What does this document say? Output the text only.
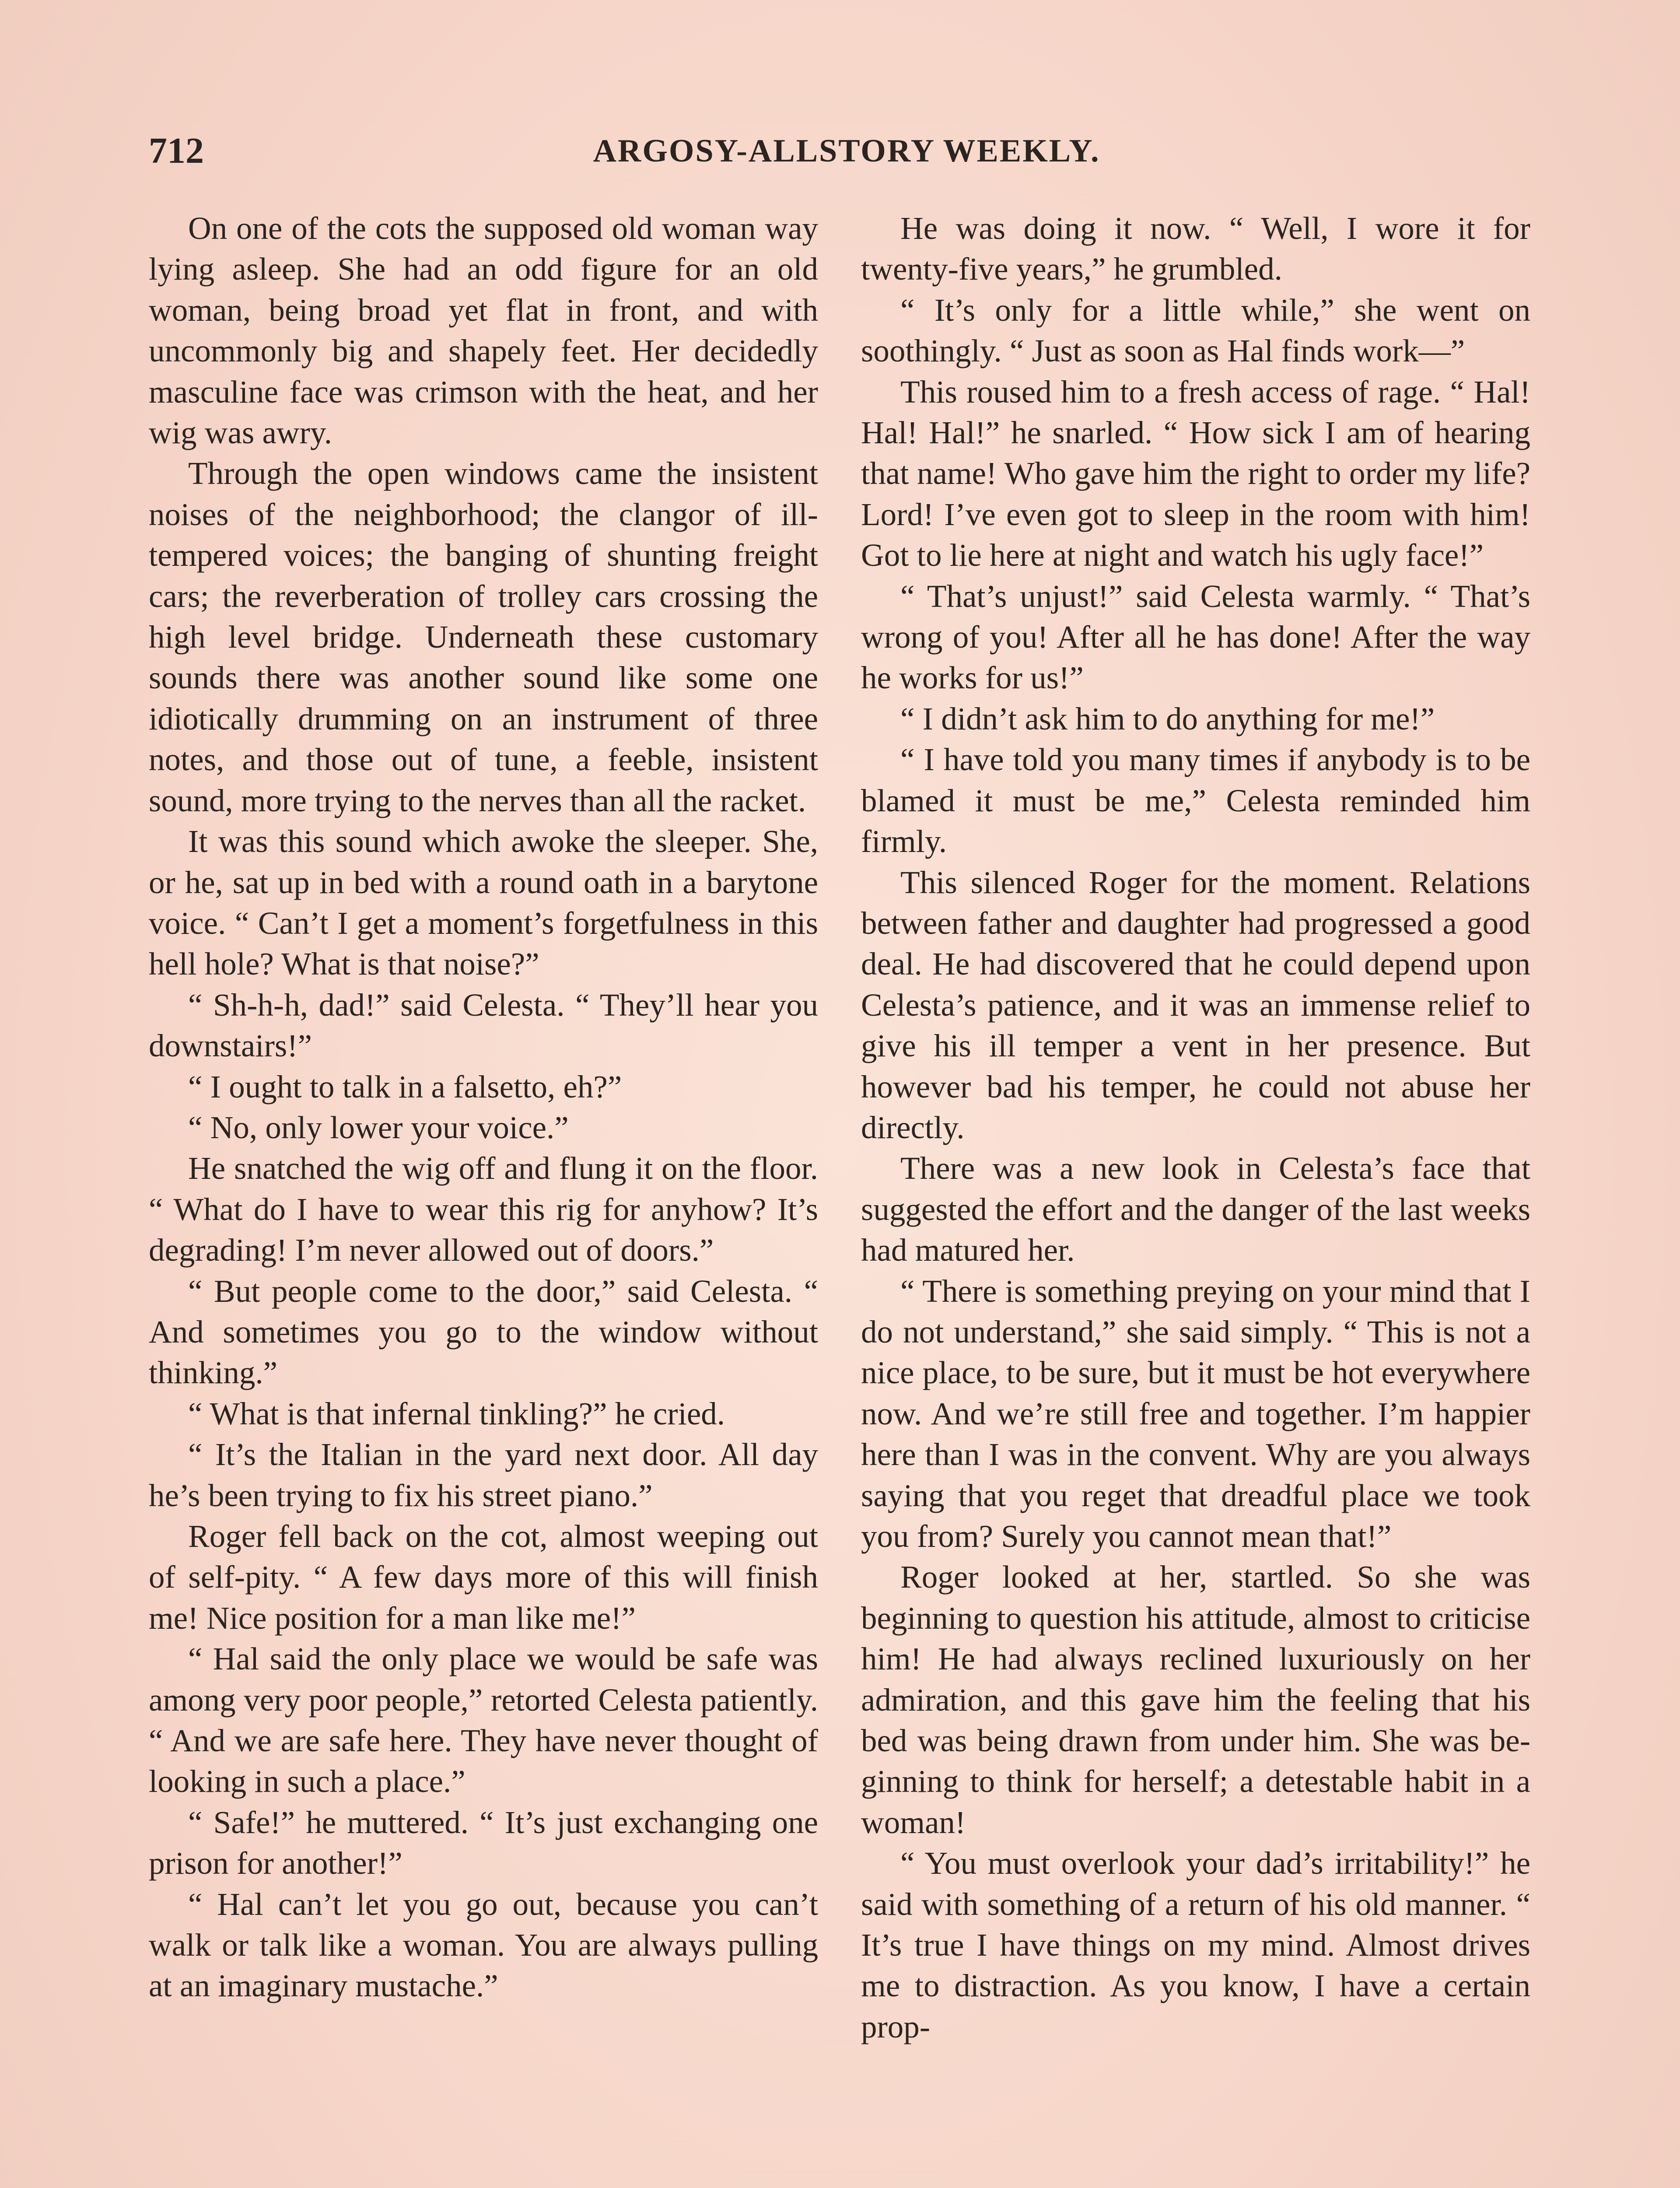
712	ARGOSY-ALLSTORY WEEKLY.

On one of the cots the supposed old woman way lying asleep. She had an odd figure for an old woman, being broad yet flat in front, and with uncommonly big and shapely feet. Her decidedly masculine face was crimson with the heat, and her wig was awry.

Through the open windows came the insistent noises of the neighborhood; the clangor of ill-tempered voices; the banging of shunting freight cars; the reverberation of trolley cars crossing the high level bridge. Underneath these customary sounds there was another sound like some one idiotically drumming on an instrument of three notes, and those out of tune, a feeble, insistent sound, more trying to the nerves than all the racket.

It was this sound which awoke the sleeper. She, or he, sat up in bed with a round oath in a barytone voice. “ Can’t I get a moment’s forgetfulness in this hell hole? What is that noise?”

“ Sh-h-h, dad!” said Celesta. “ They’ll hear you downstairs!”

“ I ought to talk in a falsetto, eh?”

“ No, only lower your voice.”

He snatched the wig off and flung it on the floor. “ What do I have to wear this rig for anyhow? It’s degrading! I’m never allowed out of doors.”

“ But people come to the door,” said Celesta. “ And sometimes you go to the window without thinking.”

“ What is that infernal tinkling?” he cried.

“ It’s the Italian in the yard next door. All day he’s been trying to fix his street piano.”

Roger fell back on the cot, almost weeping out of self-pity. “ A few days more of this will finish me! Nice position for a man like me!”

“ Hal said the only place we would be safe was among very poor people,” retorted Celesta patiently. “ And we are safe here. They have never thought of looking in such a place.”

“ Safe!” he muttered. “ It’s just exchanging one prison for another!”

“ Hal can’t let you go out, because you can’t walk or talk like a woman. You are always pulling at an imaginary mustache.”

He was doing it now. “ Well, I wore it for twenty-five years,” he grumbled.

“ It’s only for a little while,” she went on soothingly. “ Just as soon as Hal finds work—”

This roused him to a fresh access of rage. “ Hal! Hal! Hal!” he snarled. “ How sick I am of hearing that name! Who gave him the right to order my life? Lord! I’ve even got to sleep in the room with him! Got to lie here at night and watch his ugly face!”

“ That’s unjust!” said Celesta warmly. “ That’s wrong of you! After all he has done! After the way he works for us!”

“ I didn’t ask him to do anything for me!”

“ I have told you many times if anybody is to be blamed it must be me,” Celesta reminded him firmly.

This silenced Roger for the moment. Relations between father and daughter had progressed a good deal. He had discovered that he could depend upon Celesta’s patience, and it was an immense relief to give his ill temper a vent in her presence. But however bad his temper, he could not abuse her directly.

There was a new look in Celesta’s face that suggested the effort and the danger of the last weeks had matured her.

“ There is something preying on your mind that I do not understand,” she said simply. “ This is not a nice place, to be sure, but it must be hot everywhere now. And we’re still free and together. I’m happier here than I was in the convent. Why are you always saying that you reget that dreadful place we took you from? Surely you cannot mean that!”

Roger looked at her, startled. So she was beginning to question his attitude, almost to criticise him! He had always reclined luxuriously on her admiration, and this gave him the feeling that his bed was being drawn from under him. She was beginning to think for herself; a detestable habit in a woman!

“ You must overlook your dad’s irritability!” he said with something of a return of his old manner. “ It’s true I have things on my mind. Almost drives me to distraction. As you know, I have a certain prop-
